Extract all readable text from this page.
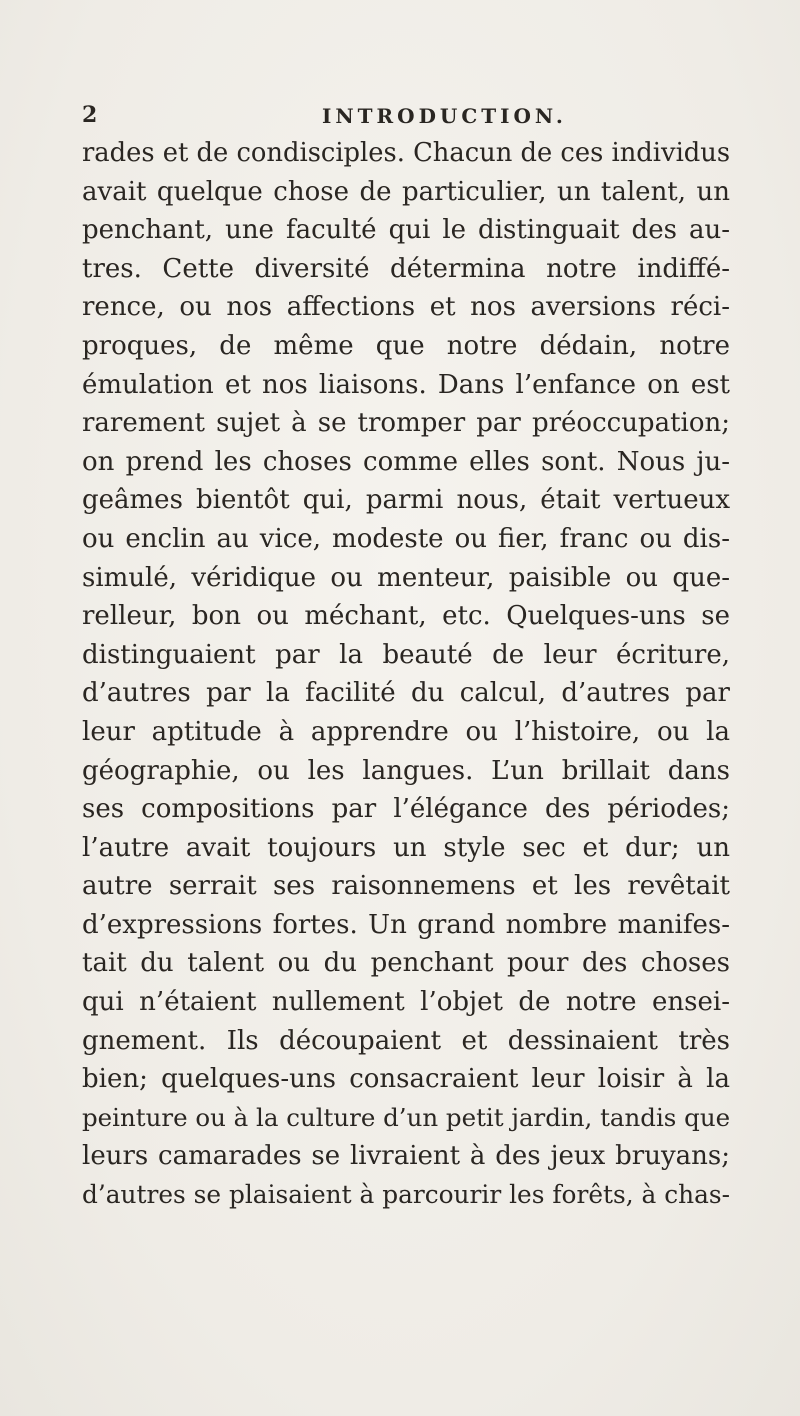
2	INTRODUCTION.
rades et de condisciples. Chacun de ces individus
avait quelque chose de particulier, un talent, un
penchant, une faculté qui le distinguait des au-
tres. Cette diversité détermina notre indiffé-
rence, ou nos affections et nos aversions réci-
proques, de même que notre dédain, notre
émulation et nos liaisons. Dans l’enfance on est
rarement sujet à se tromper par préoccupation;
on prend les choses comme elles sont. Nous ju-
geâmes bientôt qui, parmi nous, était vertueux
ou enclin au vice, modeste ou fier, franc ou dis-
simulé, véridique ou menteur, paisible ou que-
relleur, bon ou méchant, etc. Quelques-uns se
distinguaient par la beauté de leur écriture,
d’autres par la facilité du calcul, d’autres par
leur aptitude à apprendre ou l’histoire, ou la
géographie, ou les langues. L’un brillait dans
ses compositions par l’élégance des périodes;
l’autre avait toujours un style sec et dur; un
autre serrait ses raisonnemens et les revêtait
d’expressions fortes. Un grand nombre manifes-
tait du talent ou du penchant pour des choses
qui n’étaient nullement l’objet de notre ensei-
gnement. Ils découpaient et dessinaient très
bien; quelques-uns consacraient leur loisir à la
peinture ou à la culture d’un petit jardin, tandis que
leurs camarades se livraient à des jeux bruyans;
d’autres se plaisaient à parcourir les forêts, à chas-
